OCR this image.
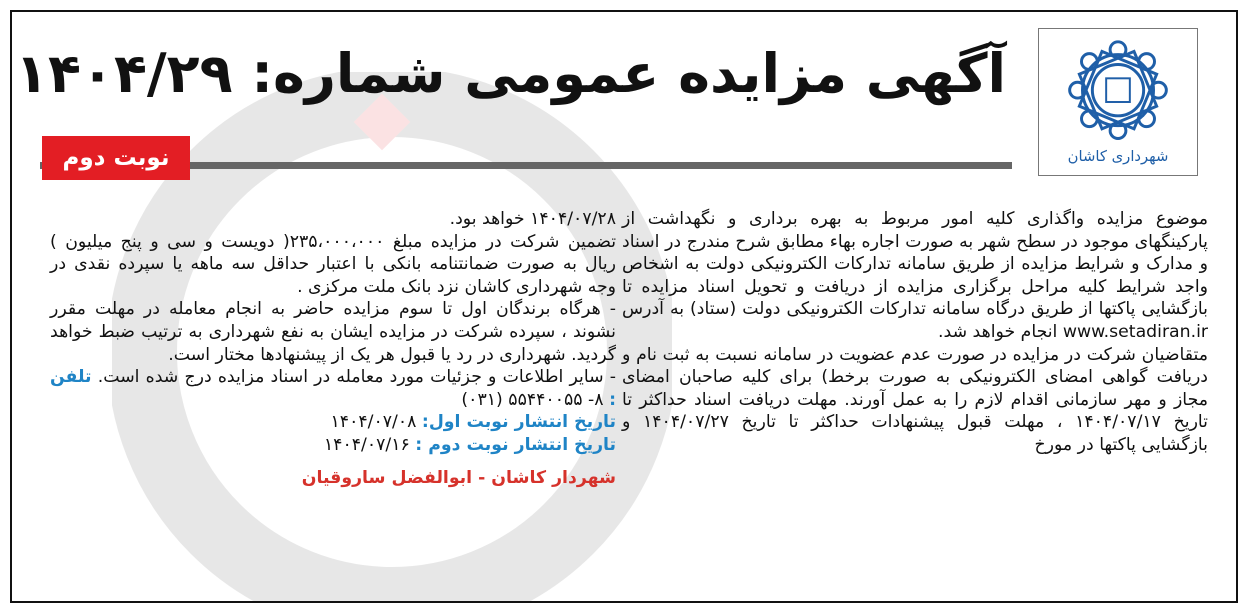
شهرداری کاشان
آگهی مزایده عمومی شماره: ۱۴۰۴/۲۹
نوبت دوم

موضوع مزایده واگذاری کلیه امور مربوط به بهره برداری و نگهداشت از پارکینگهای موجود در سطح شهر به صورت اجاره بهاء مطابق شرح مندرج در اسناد و مدارک و شرایط مزایده از طریق سامانه تدارکات الکترونیکی دولت به اشخاص واجد شرایط کلیه مراحل برگزاری مزایده از دریافت و تحویل اسناد مزایده تا بازگشایی پاکتها از طریق درگاه سامانه تدارکات الکترونیکی دولت (ستاد) به آدرس www.setadiran.ir انجام خواهد شد.

متقاضیان شرکت در مزایده در صورت عدم عضویت در سامانه نسبت به ثبت نام و دریافت گواهی امضای الکترونیکی به صورت برخط) برای کلیه صاحبان امضای مجاز و مهر سازمانی اقدام لازم را به عمل آورند. مهلت دریافت اسناد حداکثر تا تاریخ ۱۴۰۴/۰۷/۱۷ ، مهلت قبول پیشنهادات حداکثر تا تاریخ ۱۴۰۴/۰۷/۲۷ و بازگشایی پاکتها در مورخ

۱۴۰۴/۰۷/۲۸ خواهد بود.

تضمین شرکت در مزایده مبلغ ۲۳۵،۰۰۰،۰۰۰( دویست و سی و پنج میلیون ) ریال به صورت ضمانتنامه بانکی با اعتبار حداقل سه ماهه یا سپرده نقدی در وجه شهرداری کاشان نزد بانک ملت مرکزی .

- هرگاه برندگان اول تا سوم مزایده حاضر به انجام معامله در مهلت مقرر نشوند ، سپرده شرکت در مزایده ایشان به نفع شهرداری به ترتیب ضبط خواهد گردید. شهرداری در رد یا قبول هر یک از پیشنهادها مختار است.

- سایر اطلاعات و جزئیات مورد معامله در اسناد مزایده درج شده است. تلفن : ۸- ۵۵۴۴۰۰۵۵ (۰۳۱)

تاریخ انتشار نوبت اول: ۱۴۰۴/۰۷/۰۸

تاریخ انتشار نوبت دوم : ۱۴۰۴/۰۷/۱۶

شهردار کاشان - ابوالفضل ساروقیان
